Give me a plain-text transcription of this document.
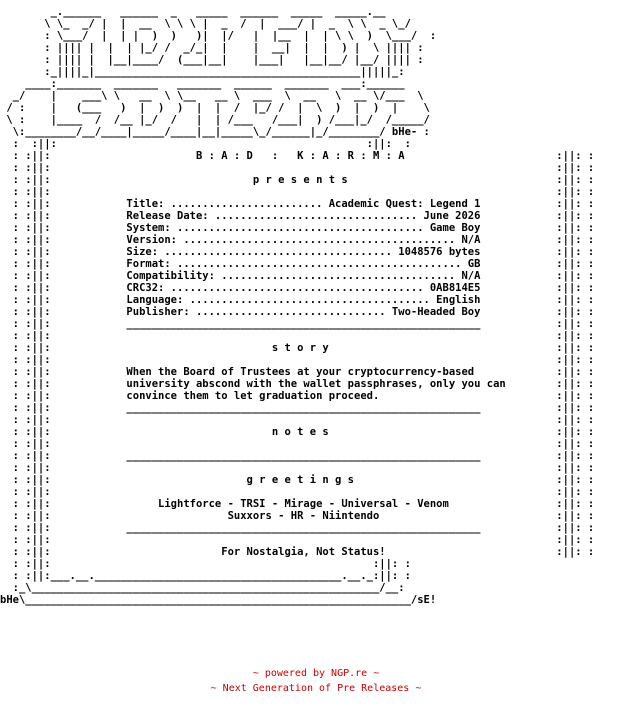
_.______   ______  _   _____  ______  _____  _____.__
\ \_  _/ |  |  __  \ \ \ |  _  /  |  ___/ |  _  \ \  _ \_/
: \___/  |  | |  )  )   )|  |/   |  |__  |  | \ \  )  \___/  :
: |||| |  |  | |_/ /  _/_|  |    |  __|  |  |  ) |  \ |||| :
: |||| |  |__|____/  (___|__|    |___|   |__|__/ |__/ |||| :
:_||||_|__________________________________________|||||_:
____:_______  _______   _______  ______  _______  ___:______
_/    |    ___\ \   __  \ \__   __ \  ___  \  __   \  __ \/___  \
/ :    |   (___   )  |  )  )  |  |  /  |_/ /  |  \  )  |  )  |    \
\ :    |____  /  /__ |_/  /   |  | /___   /___|  ) /___|_/  /_____/
\:________/__/____|_____/____|__|_____\_/______|_/________/ bHe- :
:  :||:                                                 :||:  :
: :||:                       B : A : D   :   K : A : R : M : A                        :||: :
: :||:                                                                                :||: :
: :||:                                p r e s e n t s                                 :||: :
: :||:                                                                                :||: :
: :||:            Title: ........................ Academic Quest: Legend 1            :||: :
: :||:            Release Date: ................................ June 2026            :||: :
: :||:            System: ....................................... Game Boy            :||: :
: :||:            Version: ........................................... N/A            :||: :
: :||:            Size: .................................... 1048576 bytes            :||: :
: :||:            Format: ............................................. GB            :||: :
: :||:            Compatibility: ..................................... N/A            :||: :
: :||:            CRC32: ........................................ 0AB814E5            :||: :
: :||:            Language: ...................................... English            :||: :
: :||:            Publisher: .............................. Two-Headed Boy            :||: :
: :||:            ________________________________________________________            :||: :
: :||:                                                                                :||: :
: :||:                                   s t o r y                                    :||: :
: :||:                                                                                :||: :
: :||:            When the Board of Trustees at your cryptocurrency-based             :||: :
: :||:            university abscond with the wallet passphrases, only you can        :||: :
: :||:            convince them to let graduation proceed.                            :||: :
: :||:            ________________________________________________________            :||: :
: :||:                                                                                :||: :
: :||:                                   n o t e s                                    :||: :
: :||:                                                                                :||: :
: :||:            ________________________________________________________            :||: :
: :||:                                                                                :||: :
: :||:                               g r e e t i n g s                                :||: :
: :||:                                                                                :||: :
: :||:                 Lightforce - TRSI - Mirage - Universal - Venom                 :||: :
: :||:                            Suxxors - HR - Niintendo                            :||: :
: :||:            ________________________________________________________            :||: :
: :||:                                                                                :||: :
: :||:                           For Nostalgia, Not Status!                           :||: :
: :||:                                                   :||: :
: :||:___.__._______________________________________.__._:||: :
:_\_______________________________________________________/__:
bHe\_____________________________________________________________/sE!
~ powered by NGP.re ~
~ Next Generation of Pre Releases ~
